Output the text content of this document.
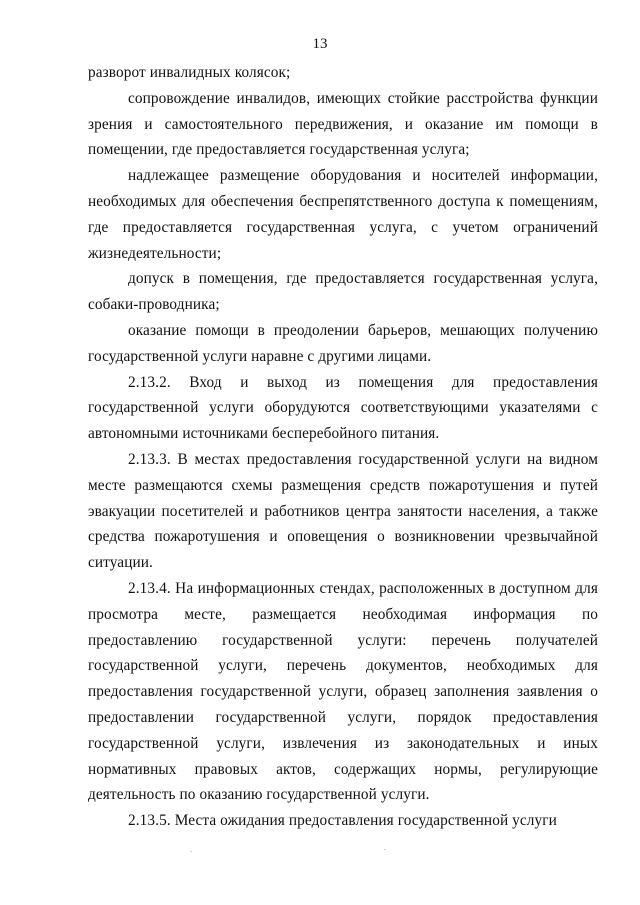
13

разворот инвалидных колясок;

сопровождение инвалидов, имеющих стойкие расстройства функции зрения и самостоятельного передвижения, и оказание им помощи в помещении, где предоставляется государственная услуга;

надлежащее размещение оборудования и носителей информации, необходимых для обеспечения беспрепятственного доступа к помещениям, где предоставляется государственная услуга, с учетом ограничений жизнедеятельности;

допуск в помещения, где предоставляется государственная услуга, собаки-проводника;

оказание помощи в преодолении барьеров, мешающих получению государственной услуги наравне с другими лицами.

2.13.2. Вход и выход из помещения для предоставления государственной услуги оборудуются соответствующими указателями с автономными источниками бесперебойного питания.

2.13.3. В местах предоставления государственной услуги на видном месте размещаются схемы размещения средств пожаротушения и путей эвакуации посетителей и работников центра занятости населения, а также средства пожаротушения и оповещения о возникновении чрезвычайной ситуации.

2.13.4. На информационных стендах, расположенных в доступном для просмотра месте, размещается необходимая информация по предоставлению государственной услуги: перечень получателей государственной услуги, перечень документов, необходимых для предоставления государственной услуги, образец заполнения заявления о предоставлении государственной услуги, порядок предоставления государственной услуги, извлечения из законодательных и иных нормативных правовых актов, содержащих нормы, регулирующие деятельность по оказанию государственной услуги.

2.13.5. Места ожидания предоставления государственной услуги

.	.
